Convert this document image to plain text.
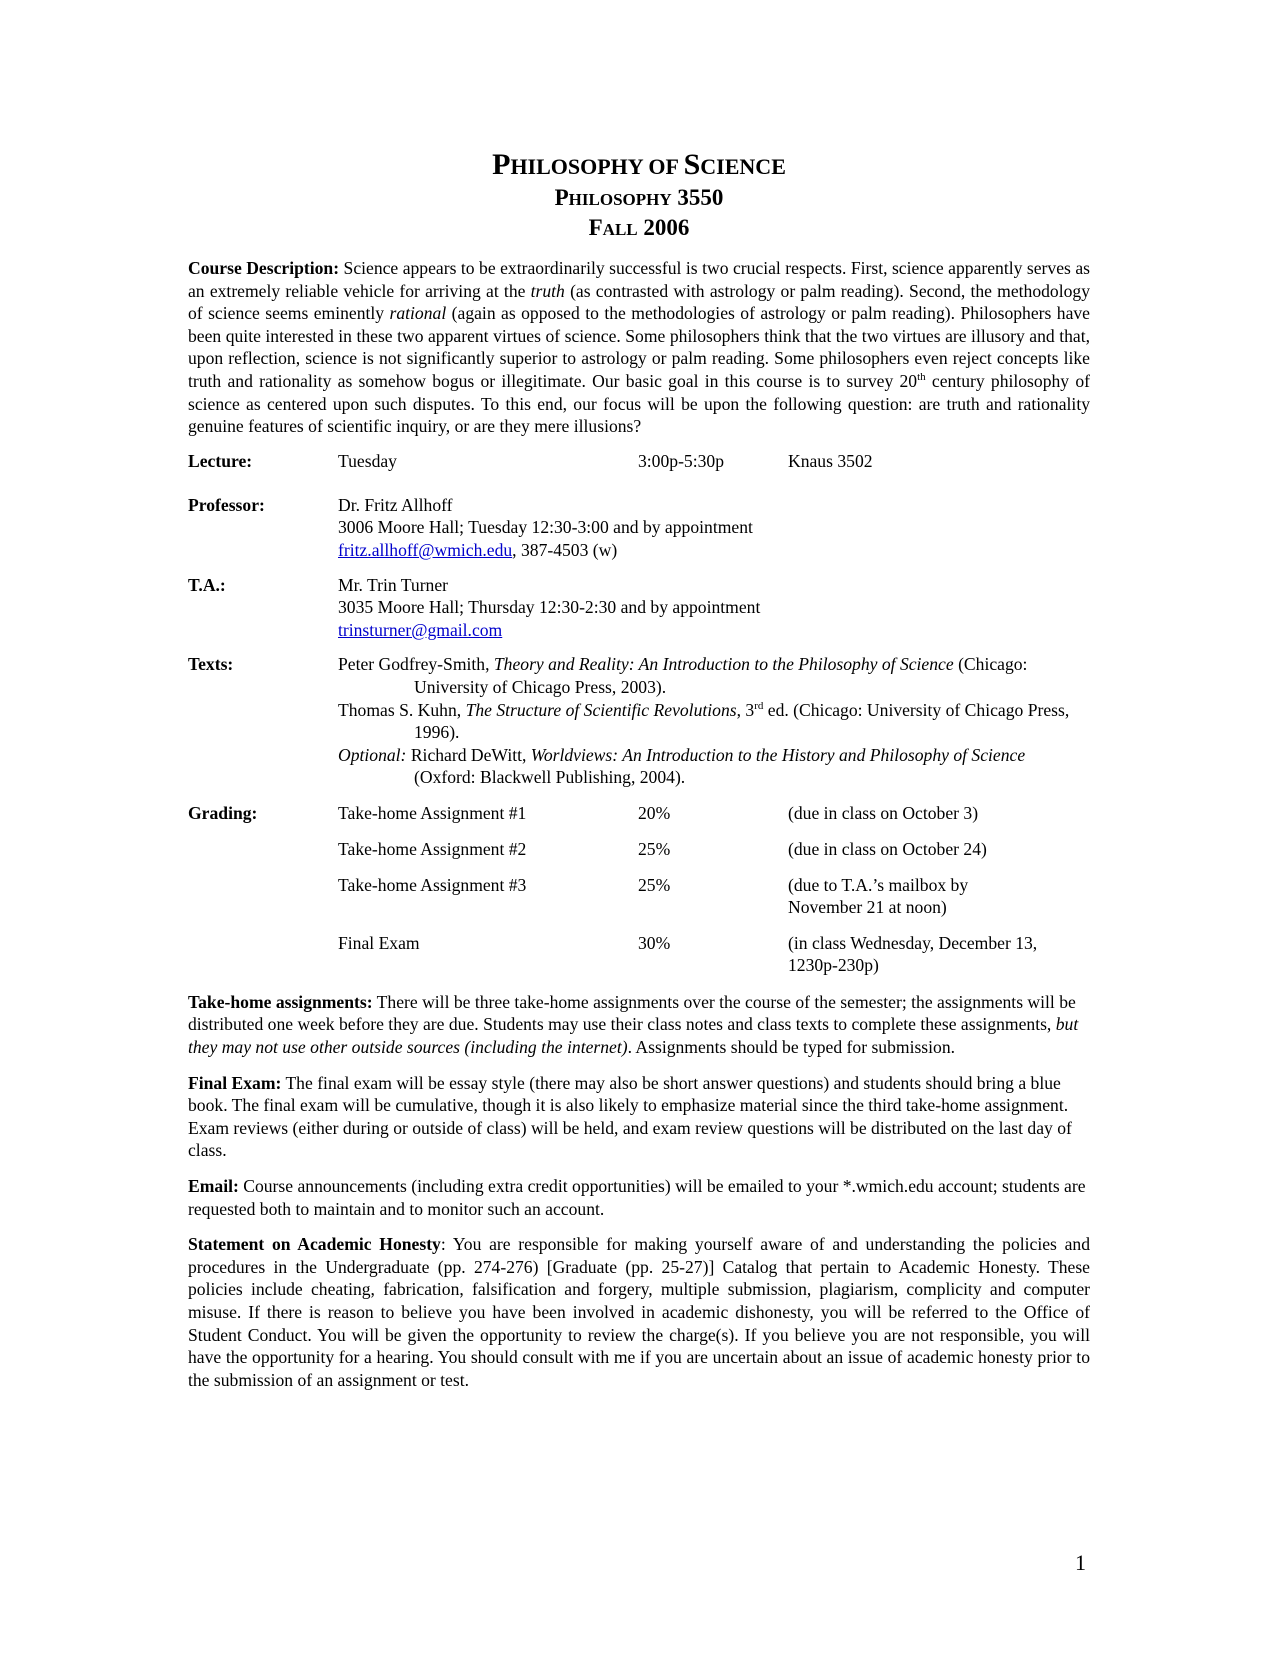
PHILOSOPHY OF SCIENCE
PHILOSOPHY 3550
FALL 2006

Course Description: Science appears to be extraordinarily successful is two crucial respects. First, science apparently serves as an extremely reliable vehicle for arriving at the truth (as contrasted with astrology or palm reading). Second, the methodology of science seems eminently rational (again as opposed to the methodologies of astrology or palm reading). Philosophers have been quite interested in these two apparent virtues of science. Some philosophers think that the two virtues are illusory and that, upon reflection, science is not significantly superior to astrology or palm reading. Some philosophers even reject concepts like truth and rationality as somehow bogus or illegitimate. Our basic goal in this course is to survey 20th century philosophy of science as centered upon such disputes. To this end, our focus will be upon the following question: are truth and rationality genuine features of scientific inquiry, or are they mere illusions?

Lecture:	Tuesday	3:00p-5:30p	Knaus 3502
Professor:	Dr. Fritz Allhoff

3006 Moore Hall; Tuesday 12:30-3:00 and by appointment

fritz.allhoff@wmich.edu, 387-4503 (w)

T.A.:	Mr. Trin Turner

3035 Moore Hall; Thursday 12:30-2:30 and by appointment

trinsturner@gmail.com

Texts:	Peter Godfrey-Smith, Theory and Reality: An Introduction to the Philosophy of Science (Chicago: University of Chicago Press, 2003).

Thomas S. Kuhn, The Structure of Scientific Revolutions, 3rd ed. (Chicago: University of Chicago Press, 1996).

Optional: Richard DeWitt, Worldviews: An Introduction to the History and Philosophy of Science (Oxford: Blackwell Publishing, 2004).

Grading:	Take-home Assignment #1	20%	(due in class on October 3)
Take-home Assignment #2	25%	(due in class on October 24)
Take-home Assignment #3	25%	(due to T.A.’s mailbox by November 21 at noon)
Final Exam	30%	(in class Wednesday, December 13, 1230p-230p)

Take-home assignments: There will be three take-home assignments over the course of the semester; the assignments will be distributed one week before they are due. Students may use their class notes and class texts to complete these assignments, but they may not use other outside sources (including the internet). Assignments should be typed for submission.

Final Exam: The final exam will be essay style (there may also be short answer questions) and students should bring a blue book. The final exam will be cumulative, though it is also likely to emphasize material since the third take-home assignment. Exam reviews (either during or outside of class) will be held, and exam review questions will be distributed on the last day of class.

Email: Course announcements (including extra credit opportunities) will be emailed to your *.wmich.edu account; students are requested both to maintain and to monitor such an account.

Statement on Academic Honesty: You are responsible for making yourself aware of and understanding the policies and procedures in the Undergraduate (pp. 274-276) [Graduate (pp. 25-27)] Catalog that pertain to Academic Honesty. These policies include cheating, fabrication, falsification and forgery, multiple submission, plagiarism, complicity and computer misuse. If there is reason to believe you have been involved in academic dishonesty, you will be referred to the Office of Student Conduct. You will be given the opportunity to review the charge(s). If you believe you are not responsible, you will have the opportunity for a hearing. You should consult with me if you are uncertain about an issue of academic honesty prior to the submission of an assignment or test.

1
